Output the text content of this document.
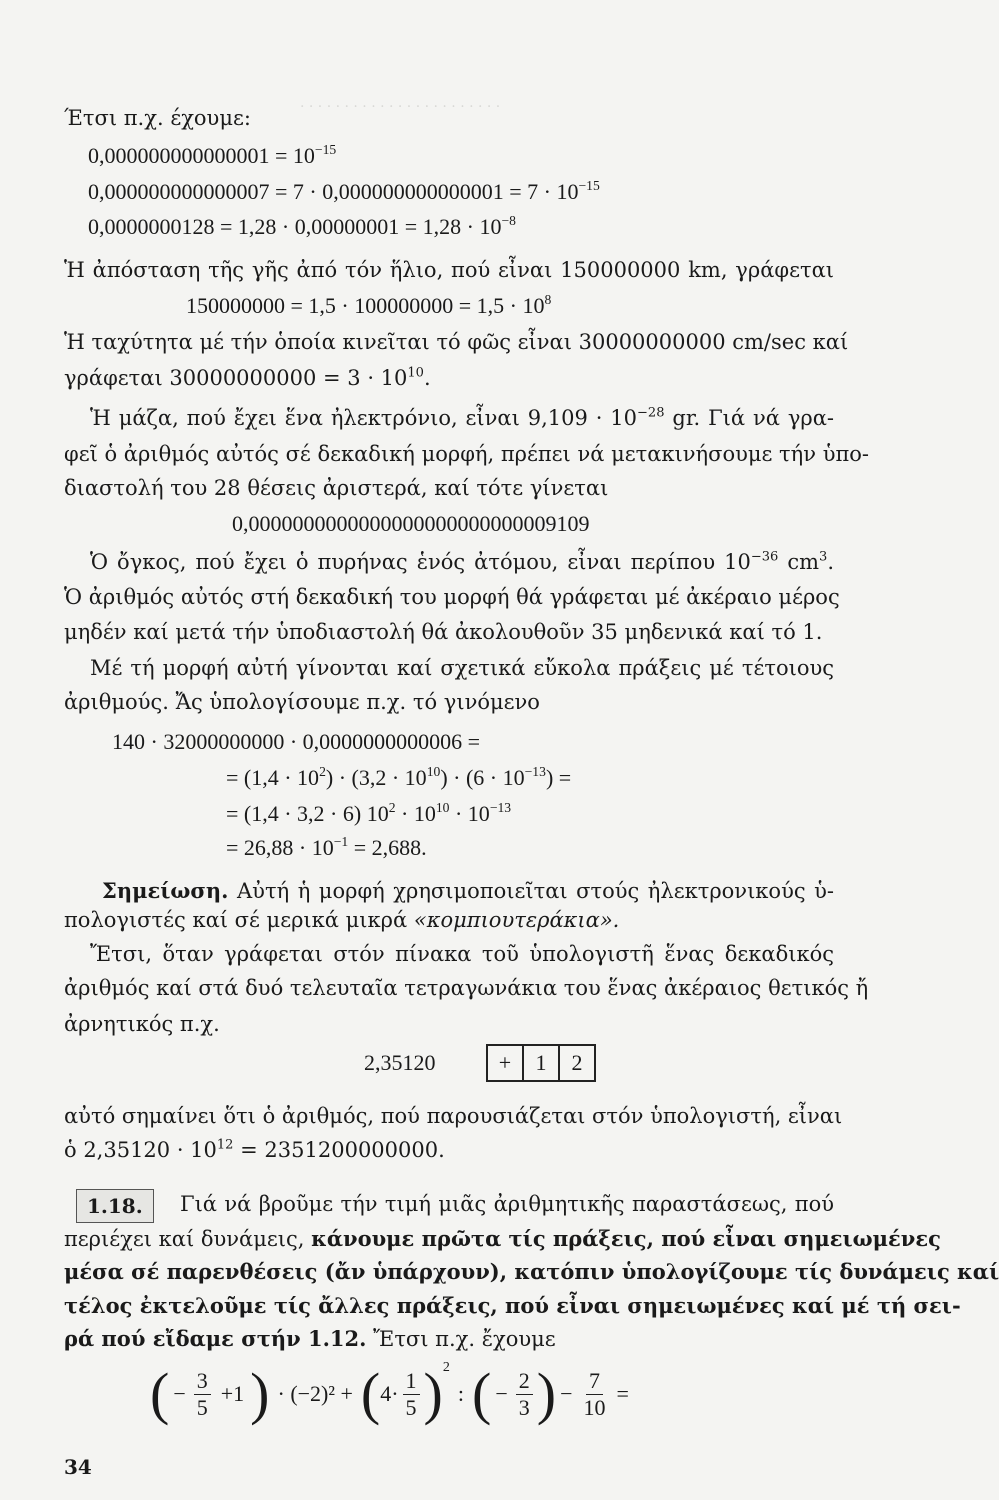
. . . . . . . . . . . . . . . . . . . . . . .
Έτσι π.χ. έχουμε:
$0,000000000000001 = 10^{-15}$
$0,000000000000007 = 7 \cdot 0,000000000000001 = 7 \cdot 10^{-15}$
$0,0000000128 = 1,28 \cdot 0,00000001 = 1,28 \cdot 10^{-8}$
Ἡ ἀπόσταση τῆς γῆς ἀπό τόν ἥλιο, πού εἶναι 150000000 km, γράφεται
$150000000 = 1,5 \cdot 100000000 = 1,5 \cdot 10^8$
Ἡ ταχύτητα μέ τήν ὁποία κινεῖται τό φῶς εἶναι 30000000000 cm/sec καί
γράφεται $30000000000 = 3 \cdot 10^{10}$.
Ἡ μάζα, πού ἔχει ἕνα ἠλεκτρόνιο, εἶναι $9,109 \cdot 10^{-28}$ gr. Γιά νά γρα-
φεῖ ὁ ἀριθμός αὐτός σέ δεκαδική μορφή, πρέπει νά μετακινήσουμε τήν ὑπο-
διαστολή του 28 θέσεις ἀριστερά, καί τότε γίνεται
0,0000000000000000000000000009109
Ὁ ὄγκος, πού ἔχει ὁ πυρήνας ἑνός ἀτόμου, εἶναι περίπου $10^{-36}$ $cm^3$.
Ὁ ἀριθμός αὐτός στή δεκαδική του μορφή θά γράφεται μέ ἀκέραιο μέρος
μηδέν καί μετά τήν ὑποδιαστολή θά ἀκολουθοῦν 35 μηδενικά καί τό 1.
Μέ τή μορφή αὐτή γίνονται καί σχετικά εὔκολα πράξεις μέ τέτοιους
ἀριθμούς. Ἄς ὑπολογίσουμε π.χ. τό γινόμενο
140 · 32000000000 · 0,0000000000006 =
= $(1,4 \cdot 10^2) \cdot (3,2 \cdot 10^{10}) \cdot (6 \cdot 10^{-13})$ =
= (1,4 · 3,2 · 6) $10^2 \cdot 10^{10} \cdot 10^{-13}$
= $26,88 \cdot 10^{-1} = 2,688$.
Σημείωση. Αὐτή ἡ μορφή χρησιμοποιεῖται στούς ἠλεκτρονικούς ὑ-
πολογιστές καί σέ μερικά μικρά «κομπιουτεράκια».
Ἔτσι, ὅταν γράφεται στόν πίνακα τοῦ ὑπολογιστῆ ἕνας δεκαδικός
ἀριθμός καί στά δυό τελευταῖα τετραγωνάκια του ἕνας ἀκέραιος θετικός ἤ
ἀρνητικός π.χ.
2,35120	+	1	2
αὐτό σημαίνει ὅτι ὁ ἀριθμός, πού παρουσιάζεται στόν ὑπολογιστή, εἶναι
ὁ $2,35120 \cdot 10^{12} = 2351200000000$.
1.18.	Γιά νά βροῦμε τήν τιμή μιᾶς ἀριθμητικῆς παραστάσεως, πού
περιέχει καί δυνάμεις, κάνουμε πρῶτα τίς πράξεις, πού εἶναι σημειωμένες
μέσα σέ παρενθέσεις (ἄν ὑπάρχουν), κατόπιν ὑπολογίζουμε τίς δυνάμεις καί
τέλος ἐκτελοῦμε τίς ἄλλες πράξεις, πού εἶναι σημειωμένες καί μέ τή σει-
ρά πού εἴδαμε στήν 1.12. Ἔτσι π.χ. ἔχουμε
( − $\frac{3}{5} +1$ ) · (−2)² + ( $4\cdot \frac{1}{5}$ ) 2
: ( − $\frac{2}{3}$ ) − $\frac{7}{10}$ =
34
